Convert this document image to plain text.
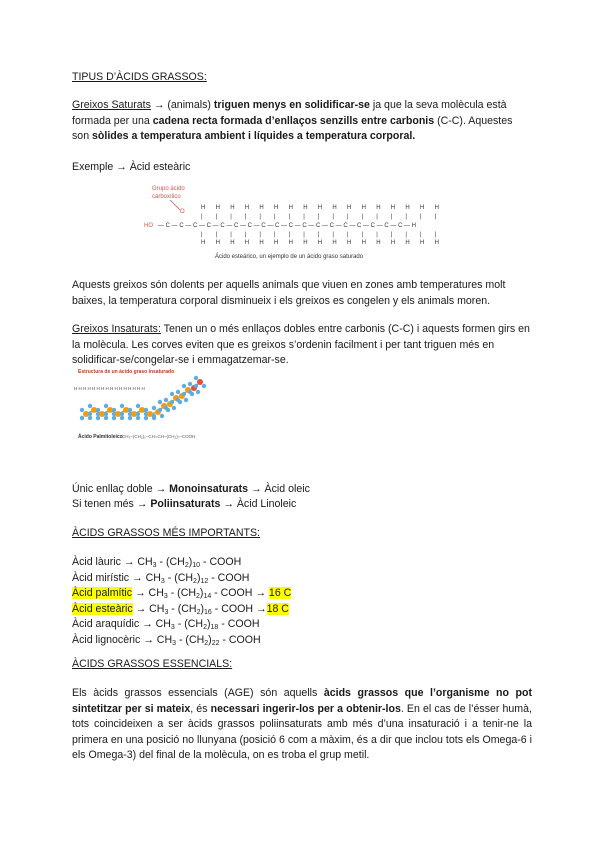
TIPUS D’ÀCIDS GRASSOS:
Greixos Saturats → (animals) triguen menys en solidificar-se ja que la seva molècula està formada per una cadena recta formada d’enllaços senzills entre carbonis (C-C). Aquestes son sòlides a temperatura ambient i líquides a temperatura corporal.
Exemple → Àcid esteàric
Grupo ácido
carboxílico
O
HO — C — C — C — C — C — C — C — C — C — C — C — C — C — C — C — C — C — C — H
H
|
|
H
H
|
|
H
H
|
|
H
H
|
|
H
H
|
|
H
H
|
|
H
H
|
|
H
H
|
|
H
H
|
|
H
H
|
|
H
H
|
|
H
H
|
|
H
H
|
|
H
H
|
|
H
H
|
|
H
H
|
|
H
H
|
|
H
Ácido esteárico, un ejemplo de un ácido graso saturado
Aquests greixos són dolents per aquells animals que viuen en zones amb temperatures molt baixes, la temperatura corporal disminueix i els greixos es congelen y els animals moren.
Greixos Insaturats: Tenen un o més enllaços dobles entre carbonis (C-C) i aquests formen girs en la molècula. Les corves eviten que es greixos s’ordenin facilment i per tant triguen més en solidificar-se/congelar-se i emmagatzemar-se.
Estructura de un ácido graso insaturado
H H H H H H H H H H H H H H H H
Ácido Palmitoleico CH₃–(CH₂)₅–CH=CH–(CH₂)₇–COOH
Únic enllaç doble → Monoinsaturats → Àcid oleic
Si tenen més → Poliinsaturats → Àcid Linoleic
ÀCIDS GRASSOS MÉS IMPORTANTS:
Àcid làuric → $CH_3 - (CH_2)_{10}$ - COOH
Àcid mirístic → $CH_3 - (CH_2)_{12}$ - COOH
Àcid palmític → $CH_3 - (CH_2)_{14}$ - COOH → 16 C
Àcid esteàric → $CH_3 - (CH_2)_{16}$ - COOH →18 C
Àcid araquídic → $CH_3 - (CH_2)_{18}$ - COOH
Àcid lignocèric → $CH_3 - (CH_2)_{22}$ - COOH
ÀCIDS GRASSOS ESSENCIALS:
Els àcids grassos essencials (AGE) són aquells àcids grassos que l’organisme no pot sintetitzar per si mateix, és necessari ingerir-los per a obtenir-los. En el cas de l’ésser humà, tots coincideixen a ser àcids grassos poliinsaturats amb més d’una insaturació i a tenir-ne la primera en una posició no llunyana (posició 6 com a màxim, és a dir que inclou tots els Omega-6 i els Omega-3) del final de la molècula, on es troba el grup metil.
